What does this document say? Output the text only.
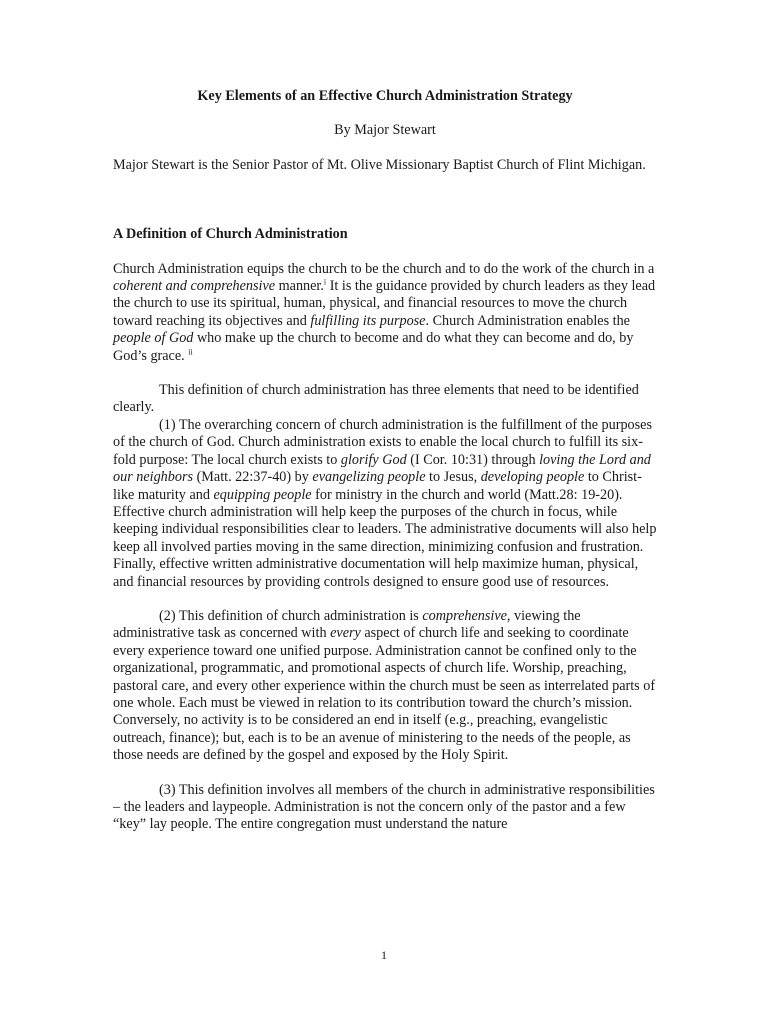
Key Elements of an Effective Church Administration Strategy

By Major Stewart

Major Stewart is the Senior Pastor of Mt. Olive Missionary Baptist Church of Flint Michigan.

A Definition of Church Administration

Church Administration equips the church to be the church and to do the work of the church in a coherent and comprehensive manner.$^i$ It is the guidance provided by church leaders as they lead the church to use its spiritual, human, physical, and financial resources to move the church toward reaching its objectives and fulfilling its purpose. Church Administration enables the people of God who make up the church to become and do what they can become and do, by God’s grace. $^{ii}$

This definition of church administration has three elements that need to be identified clearly.

(1) The overarching concern of church administration is the fulfillment of the purposes of the church of God. Church administration exists to enable the local church to fulfill its six-fold purpose: The local church exists to glorify God (I Cor. 10:31) through loving the Lord and our neighbors (Matt. 22:37-40) by evangelizing people to Jesus, developing people to Christ-like maturity and equipping people for ministry in the church and world (Matt.28: 19-20). Effective church administration will help keep the purposes of the church in focus, while keeping individual responsibilities clear to leaders. The administrative documents will also help keep all involved parties moving in the same direction, minimizing confusion and frustration. Finally, effective written administrative documentation will help maximize human, physical, and financial resources by providing controls designed to ensure good use of resources.

(2) This definition of church administration is comprehensive, viewing the administrative task as concerned with every aspect of church life and seeking to coordinate every experience toward one unified purpose. Administration cannot be confined only to the organizational, programmatic, and promotional aspects of church life. Worship, preaching, pastoral care, and every other experience within the church must be seen as interrelated parts of one whole. Each must be viewed in relation to its contribution toward the church’s mission. Conversely, no activity is to be considered an end in itself (e.g., preaching, evangelistic outreach, finance); but, each is to be an avenue of ministering to the needs of the people, as those needs are defined by the gospel and exposed by the Holy Spirit.

(3) This definition involves all members of the church in administrative responsibilities – the leaders and laypeople. Administration is not the concern only of the pastor and a few “key” lay people. The entire congregation must understand the nature

1
